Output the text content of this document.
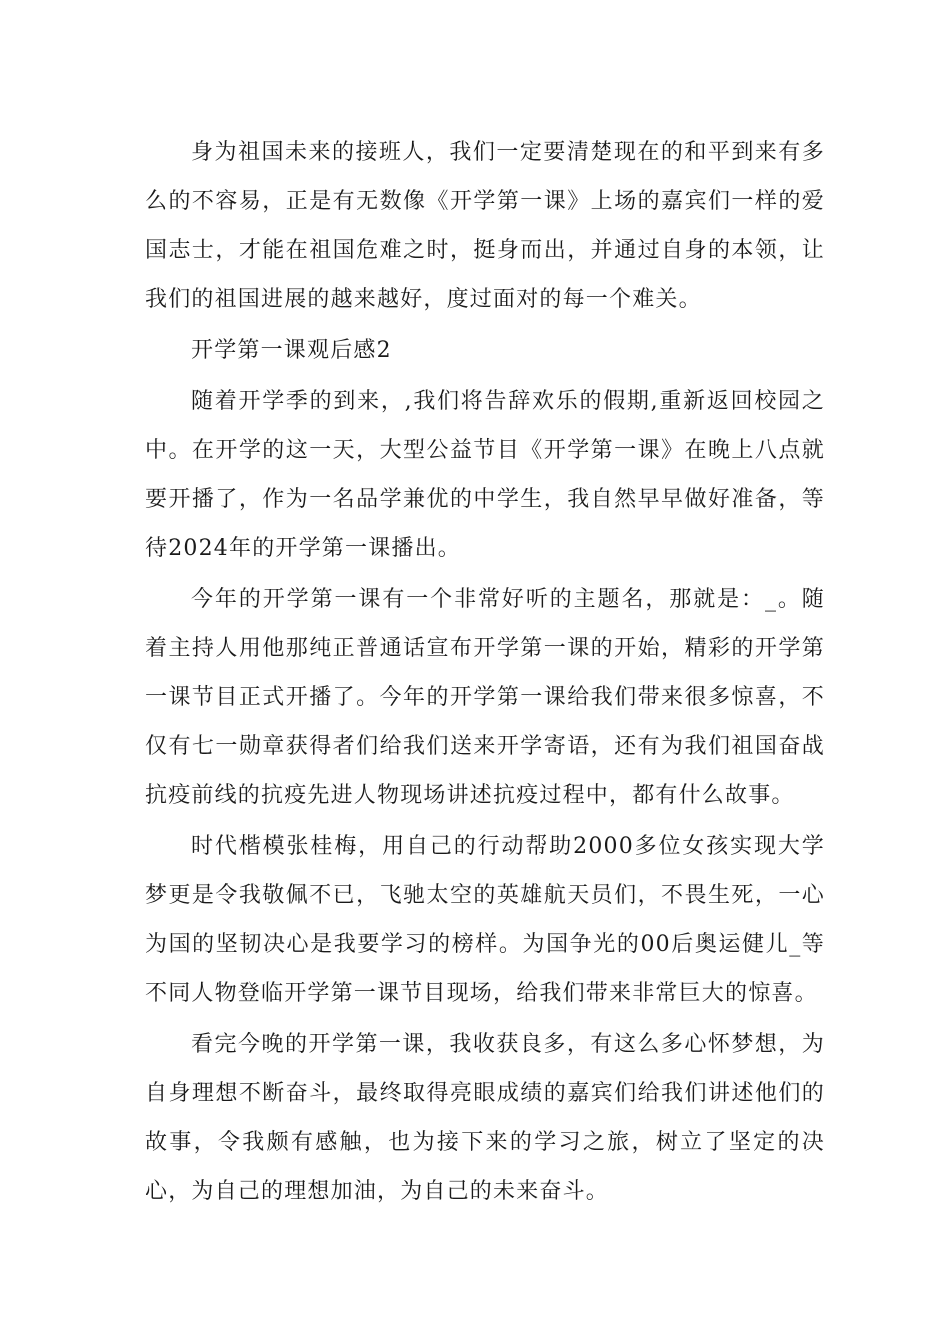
身为祖国未来的接班人，我们一定要清楚现在的和平到来有多么的不容易，正是有无数像《开学第一课》上场的嘉宾们一样的爱国志士，才能在祖国危难之时，挺身而出，并通过自身的本领，让我们的祖国进展的越来越好，度过面对的每一个难关。

开学第一课观后感2

随着开学季的到来，,我们将告辞欢乐的假期,重新返回校园之中。在开学的这一天，大型公益节目《开学第一课》在晚上八点就要开播了，作为一名品学兼优的中学生，我自然早早做好准备，等待2024年的开学第一课播出。

今年的开学第一课有一个非常好听的主题名，那就是：_。随着主持人用他那纯正普通话宣布开学第一课的开始，精彩的开学第一课节目正式开播了。今年的开学第一课给我们带来很多惊喜，不仅有七一勋章获得者们给我们送来开学寄语，还有为我们祖国奋战抗疫前线的抗疫先进人物现场讲述抗疫过程中，都有什么故事。

时代楷模张桂梅，用自己的行动帮助2000多位女孩实现大学梦更是令我敬佩不已，飞驰太空的英雄航天员们，不畏生死，一心为国的坚韧决心是我要学习的榜样。为国争光的00后奥运健儿_等不同人物登临开学第一课节目现场，给我们带来非常巨大的惊喜。

看完今晚的开学第一课，我收获良多，有这么多心怀梦想，为自身理想不断奋斗，最终取得亮眼成绩的嘉宾们给我们讲述他们的故事，令我颇有感触，也为接下来的学习之旅，树立了坚定的决心，为自己的理想加油，为自己的未来奋斗。
